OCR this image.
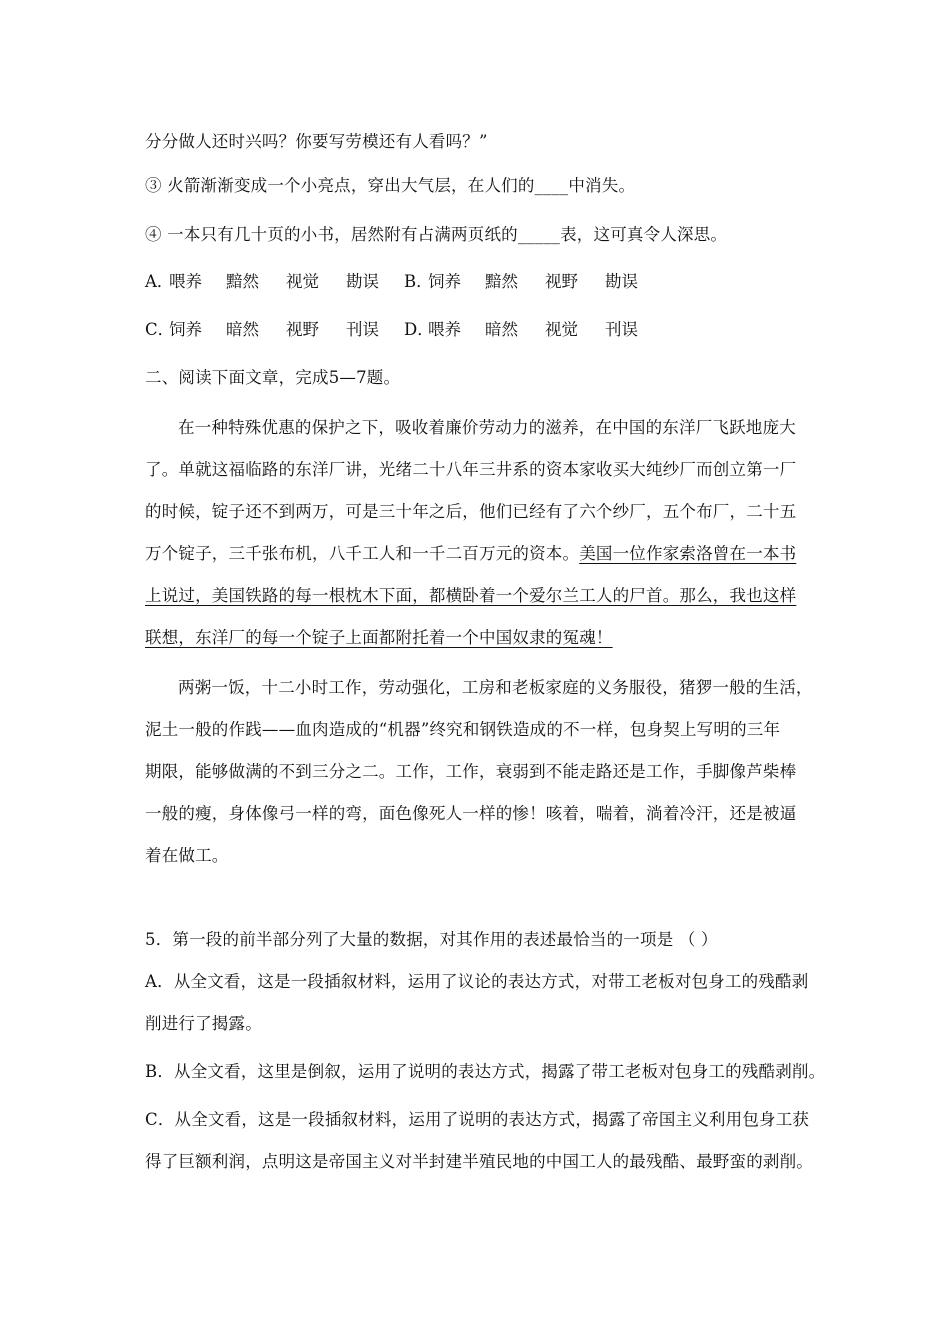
分分做人还时兴吗？你要写劳模还有人看吗？”
③ 火箭渐渐变成一个小亮点，穿出大气层，在人们的____中消失。
④ 一本只有几十页的小书，居然附有占满两页纸的_____表，这可真令人深思。
A．喂养 黯然 视觉 勘误 B．饲养 黯然 视野 勘误
C．饲养 暗然 视野 刊误 D．喂养 暗然 视觉 刊误
二、阅读下面文章，完成5—7题。
在一种特殊优惠的保护之下，吸收着廉价劳动力的滋养，在中国的东洋厂飞跃地庞大
了。单就这福临路的东洋厂讲，光绪二十八年三井系的资本家收买大纯纱厂而创立第一厂
的时候，锭子还不到两万，可是三十年之后，他们已经有了六个纱厂，五个布厂，二十五
万个锭子，三千张布机，八千工人和一千二百万元的资本。美国一位作家索洛曾在一本书
上说过，美国铁路的每一根枕木下面，都横卧着一个爱尔兰工人的尸首。那么，我也这样
联想，东洋厂的每一个锭子上面都附托着一个中国奴隶的冤魂！
两粥一饭，十二小时工作，劳动强化，工房和老板家庭的义务服役，猪猡一般的生活，
泥土一般的作践——血肉造成的“机器”终究和钢铁造成的不一样，包身契上写明的三年
期限，能够做满的不到三分之二。工作，工作，衰弱到不能走路还是工作，手脚像芦柴棒
一般的瘦，身体像弓一样的弯，面色像死人一样的惨！咳着，喘着，淌着冷汗，还是被逼
着在做工。
5．第一段的前半部分列了大量的数据，对其作用的表述最恰当的一项是 （ ）
A．从全文看，这是一段插叙材料，运用了议论的表达方式，对带工老板对包身工的残酷剥
削进行了揭露。
B．从全文看，这里是倒叙，运用了说明的表达方式，揭露了带工老板对包身工的残酷剥削。
C．从全文看，这是一段插叙材料，运用了说明的表达方式，揭露了帝国主义利用包身工获
得了巨额利润，点明这是帝国主义对半封建半殖民地的中国工人的最残酷、最野蛮的剥削。
